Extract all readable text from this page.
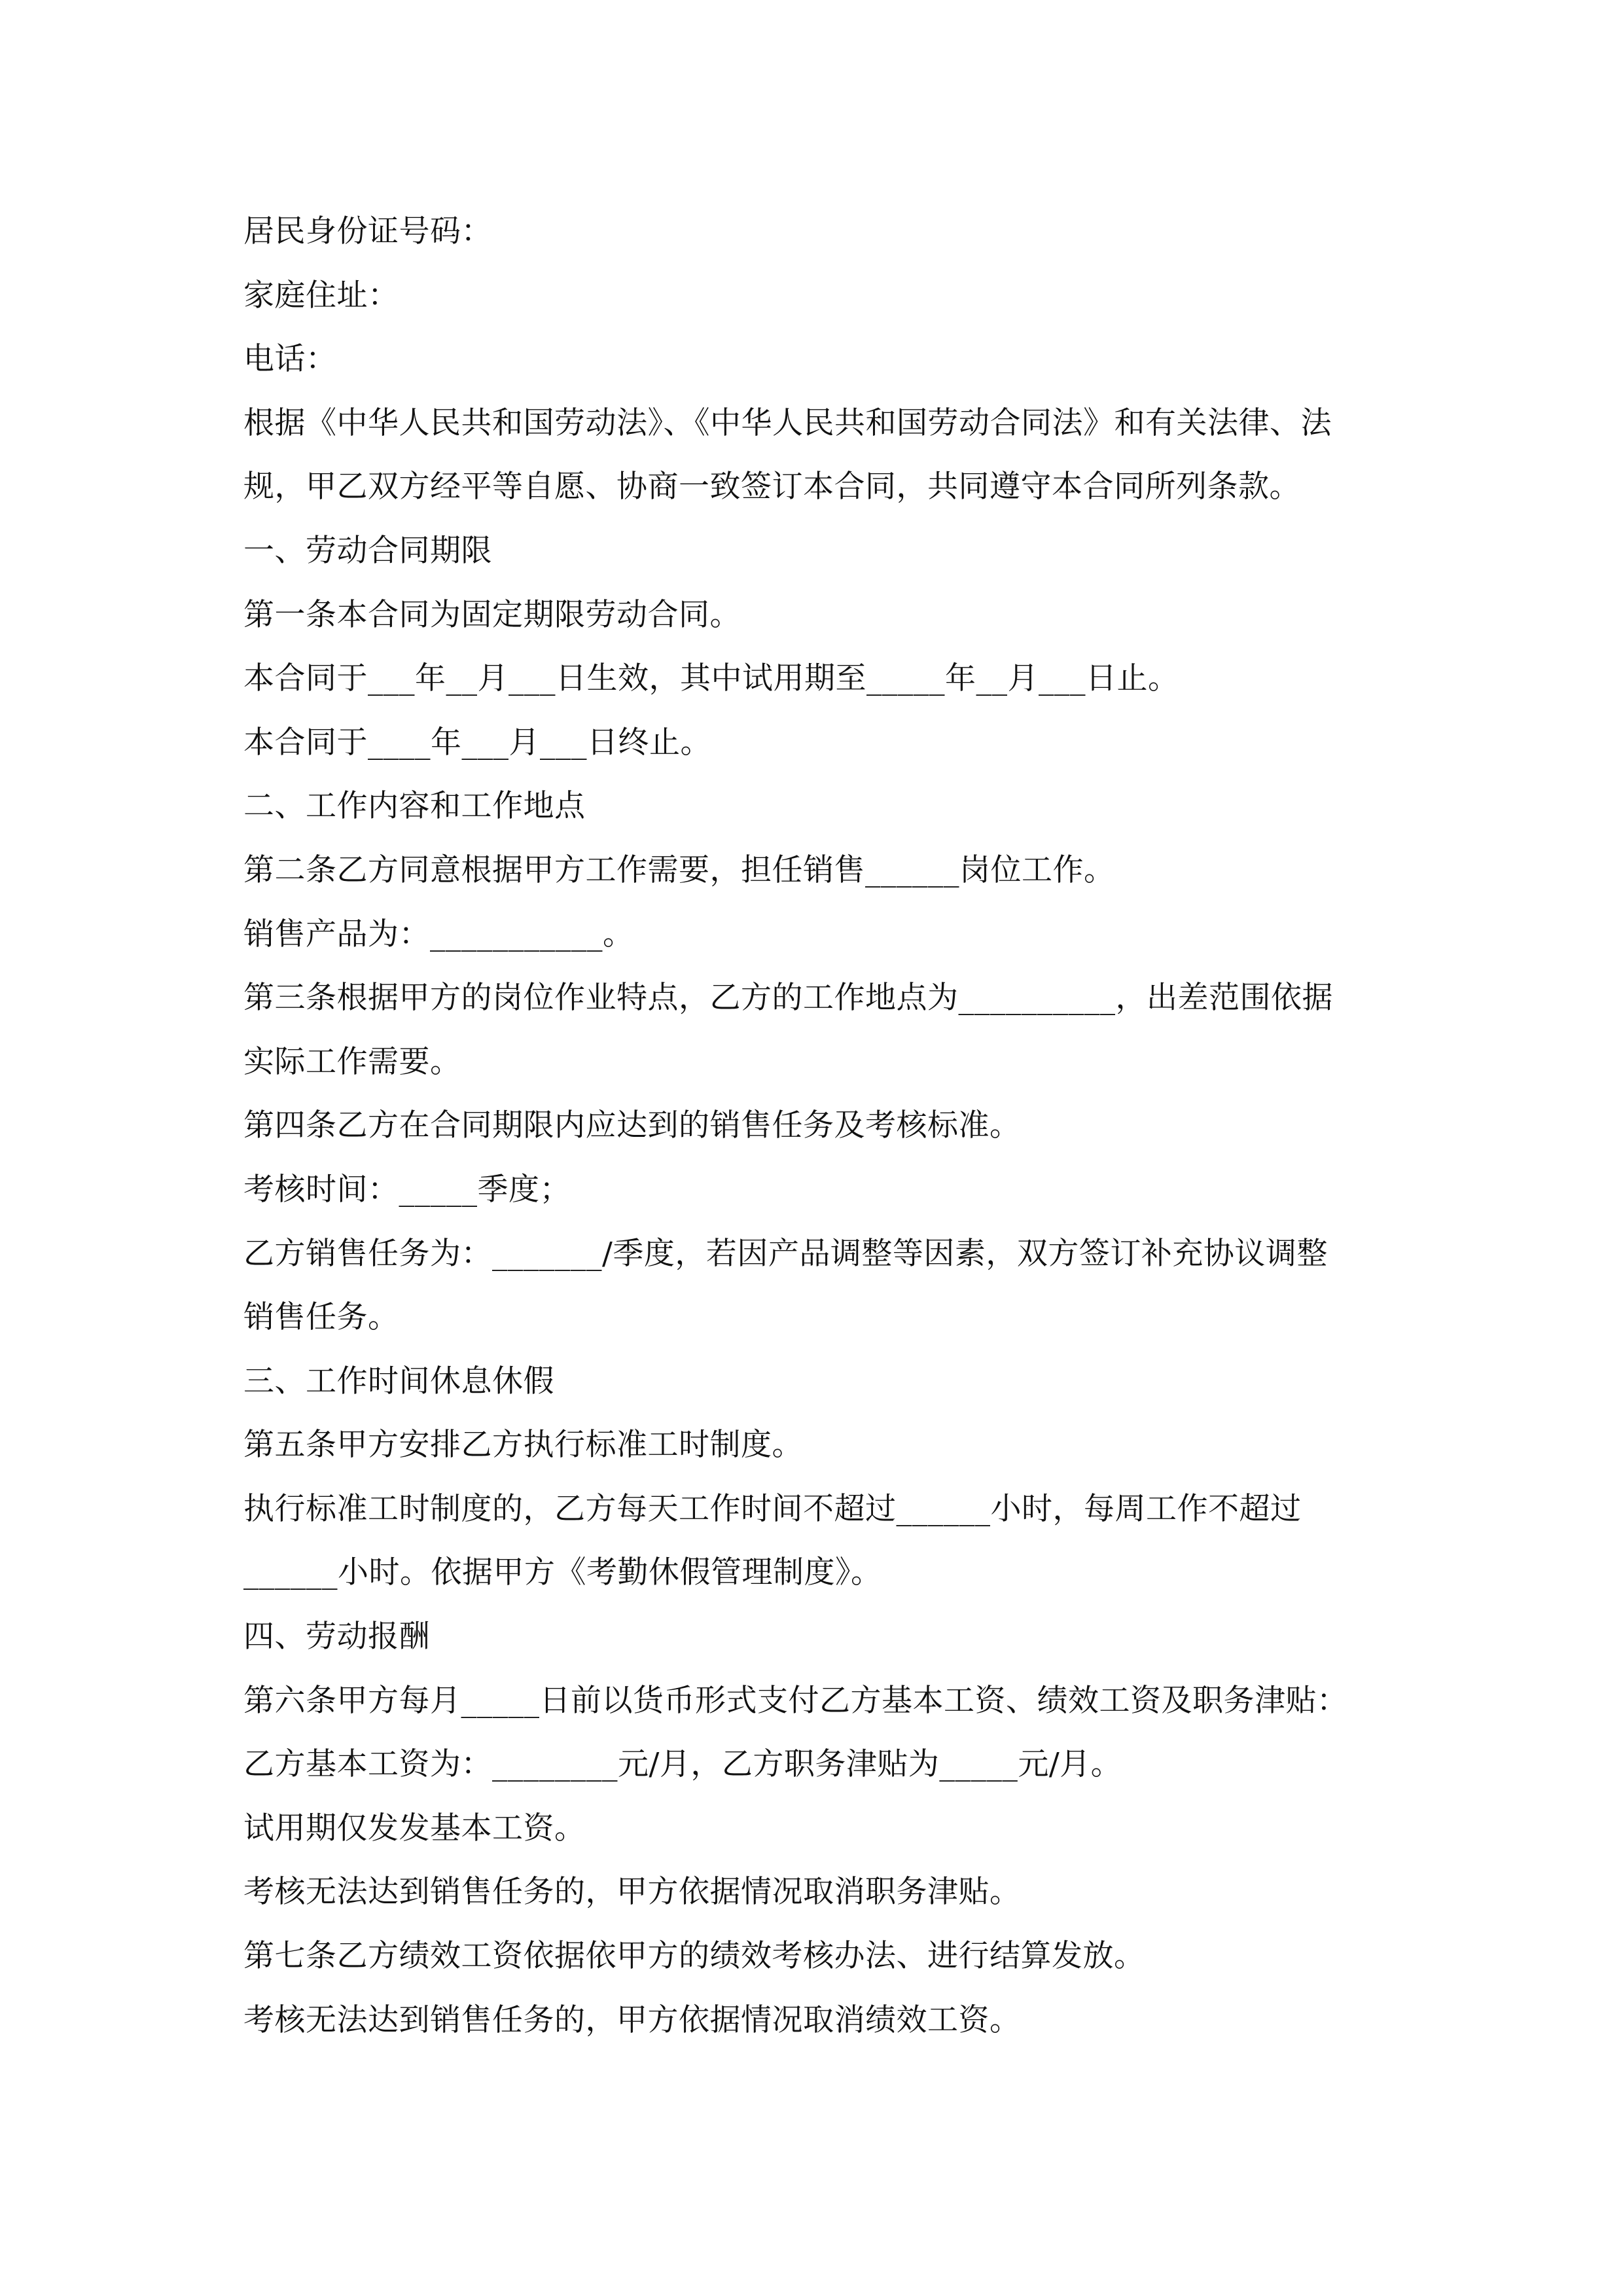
居民身份证号码：
家庭住址：
电话：
根据《中华人民共和国劳动法》、《中华人民共和国劳动合同法》和有关法律、法
规，甲乙双方经平等自愿、协商一致签订本合同，共同遵守本合同所列条款。
一、劳动合同期限
第一条本合同为固定期限劳动合同。
本合同于___年__月___日生效，其中试用期至_____年__月___日止。
本合同于____年___月___日终止。
二、工作内容和工作地点
第二条乙方同意根据甲方工作需要，担任销售______岗位工作。
销售产品为：___________。
第三条根据甲方的岗位作业特点，乙方的工作地点为__________，出差范围依据
实际工作需要。
第四条乙方在合同期限内应达到的销售任务及考核标准。
考核时间：_____季度；
乙方销售任务为：_______/季度，若因产品调整等因素，双方签订补充协议调整
销售任务。
三、工作时间休息休假
第五条甲方安排乙方执行标准工时制度。
执行标准工时制度的，乙方每天工作时间不超过______小时，每周工作不超过
______小时。依据甲方《考勤休假管理制度》。
四、劳动报酬
第六条甲方每月_____日前以货币形式支付乙方基本工资、绩效工资及职务津贴：
乙方基本工资为：________元/月，乙方职务津贴为_____元/月。
试用期仅发发基本工资。
考核无法达到销售任务的，甲方依据情况取消职务津贴。
第七条乙方绩效工资依据依甲方的绩效考核办法、进行结算发放。
考核无法达到销售任务的，甲方依据情况取消绩效工资。
